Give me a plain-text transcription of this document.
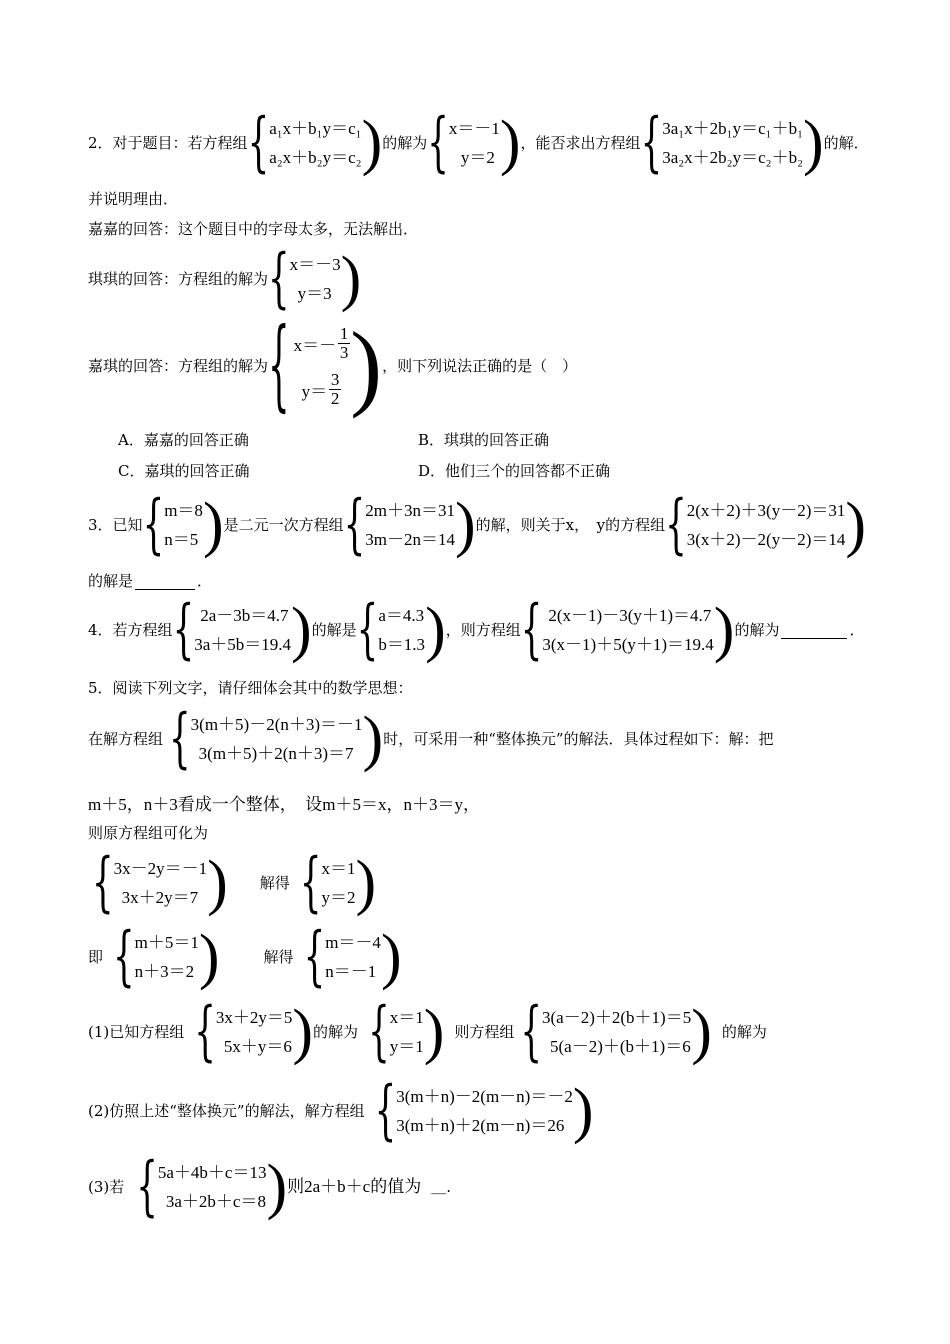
2． 对于题目：若方程组 { a₁x＋b₁y＝c₁
a₂x＋b₂y＝c₂ ) 的解为 { x＝－1
y＝2 ) ，能否求出方程组 { 3a₁x＋2b₁y＝c₁＋b₁
3a₂x＋2b₂y＝c₂＋b₂ ) 的解．
并说明理由．
嘉嘉的回答：这个题目中的字母太多，无法解出．
琪琪的回答：方程组的解为 { x＝－3
y＝3 )
嘉琪的回答：方程组的解为 { $x=- \frac{1}{3}$
$y= \frac{3}{2}$ ) ，则下列说法正确的是（　）
A．嘉嘉的回答正确	B．琪琪的回答正确
C．嘉琪的回答正确	D．他们三个的回答都不正确
3． 已知 { m＝8
n＝5 ) 是二元一次方程组 { 2m＋3n＝31
3m－2n＝14 ) 的解，则关于x，　y的方程组 { 2(x＋2)＋3(y－2)＝31
3(x＋2)－2(y－2)＝14 )
的解是	．
4． 若方程组 { 2a－3b＝4.7
3a＋5b＝19.4 ) 的解是 { a＝4.3
b＝1.3 ) ，则方程组 { 2(x－1)－3(y＋1)＝4.7
3(x－1)＋5(y＋1)＝19.4 ) 的解为	．
5． 阅读下列文字，请仔细体会其中的数学思想：
在解方程组 { 3(m＋5)－2(n＋3)＝－1
3(m＋5)＋2(n＋3)＝7 ) 时，可采用一种“整体换元”的解法．具体过程如下：解：把
m＋5，n＋3看成一个整体，　设m＋5＝x，n＋3＝y，
则原方程组可化为
{ 3x－2y＝－1
3x＋2y＝7 ) 解得 { x＝1
y＝2 )
即 { m＋5＝1
n＋3＝2 )	解得 { m＝－4
n＝－1 )
(1)已知方程组 { 3x＋2y＝5
5x＋y＝6 ) 的解为 { x＝1
y＝1 ) 则方程组 { 3(a－2)＋2(b＋1)＝5
5(a－2)＋(b＋1)＝6 ) 的解为
(2)仿照上述“整体换元”的解法，解方程组 { 3(m＋n)－2(m－n)＝－2
3(m＋n)＋2(m－n)＝26 )
(3)若 { 5a＋4b＋c＝13
3a＋2b＋c＝8 ) 则2a＋b＋c的值为 ＿.
